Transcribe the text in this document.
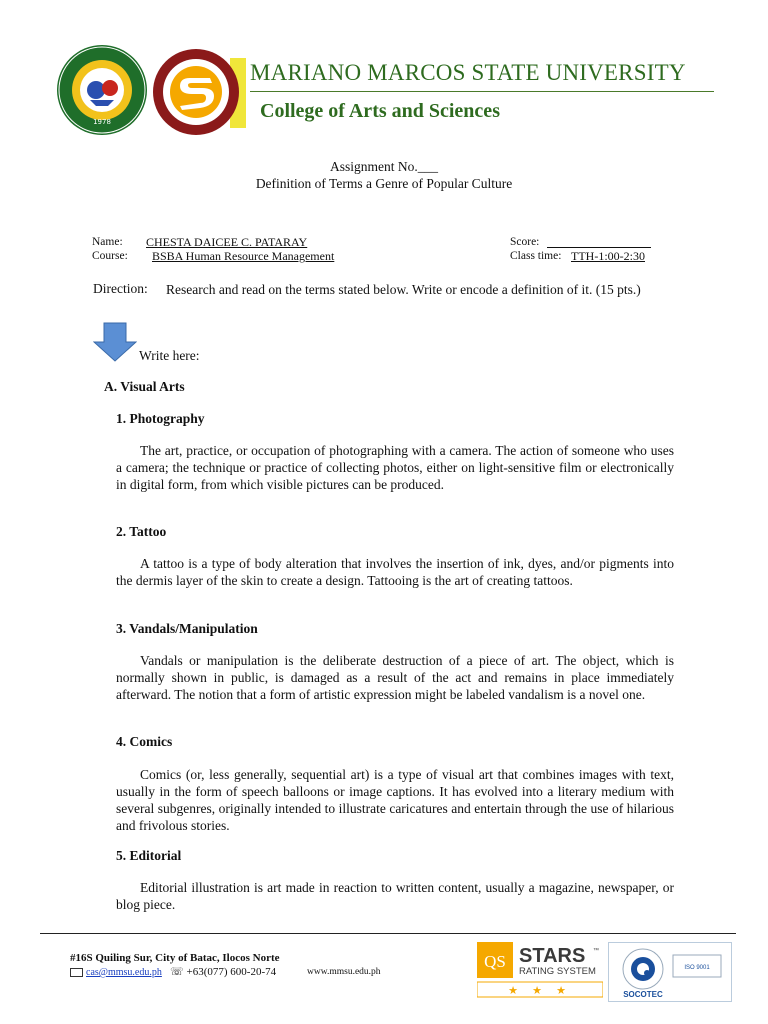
1978
MARIANO MARCOS STATE UNIVERSITY
College of Arts and Sciences
Assignment No.___
Definition of Terms a Genre of Popular Culture
Name: CHESTA DAICEE C. PATARAY
Course: BSBA Human Resource Management
Score:
Class time: TTH-1:00-2:30
Direction: Research and read on the terms stated below. Write or encode a definition of it. (15 pts.)
Write here:
A. Visual Arts
1. Photography
The art, practice, or occupation of photographing with a camera. The action of someone who uses a camera; the technique or practice of collecting photos, either on light-sensitive film or electronically in digital form, from which visible pictures can be produced.
2. Tattoo
A tattoo is a type of body alteration that involves the insertion of ink, dyes, and/or pigments into the dermis layer of the skin to create a design. Tattooing is the art of creating tattoos.
3. Vandals/Manipulation
Vandals or manipulation is the deliberate destruction of a piece of art. The object, which is normally shown in public, is damaged as a result of the act and remains in place immediately afterward. The notion that a form of artistic expression might be labeled vandalism is a novel one.
4. Comics
Comics (or, less generally, sequential art) is a type of visual art that combines images with text, usually in the form of speech balloons or image captions. It has evolved into a literary medium with several subgenres, originally intended to illustrate caricatures and entertain through the use of hilarious and frivolous stories.
5. Editorial
Editorial illustration is art made in reaction to written content, usually a magazine, newspaper, or blog piece.
#16S Quiling Sur, City of Batac, Ilocos Norte
cas@mmsu.edu.ph ☏ +63(077) 600-20-74	www.mmsu.edu.ph
QS STARS ™
RATING SYSTEM
★ ★ ★	SOCOTEC
ISO 9001
